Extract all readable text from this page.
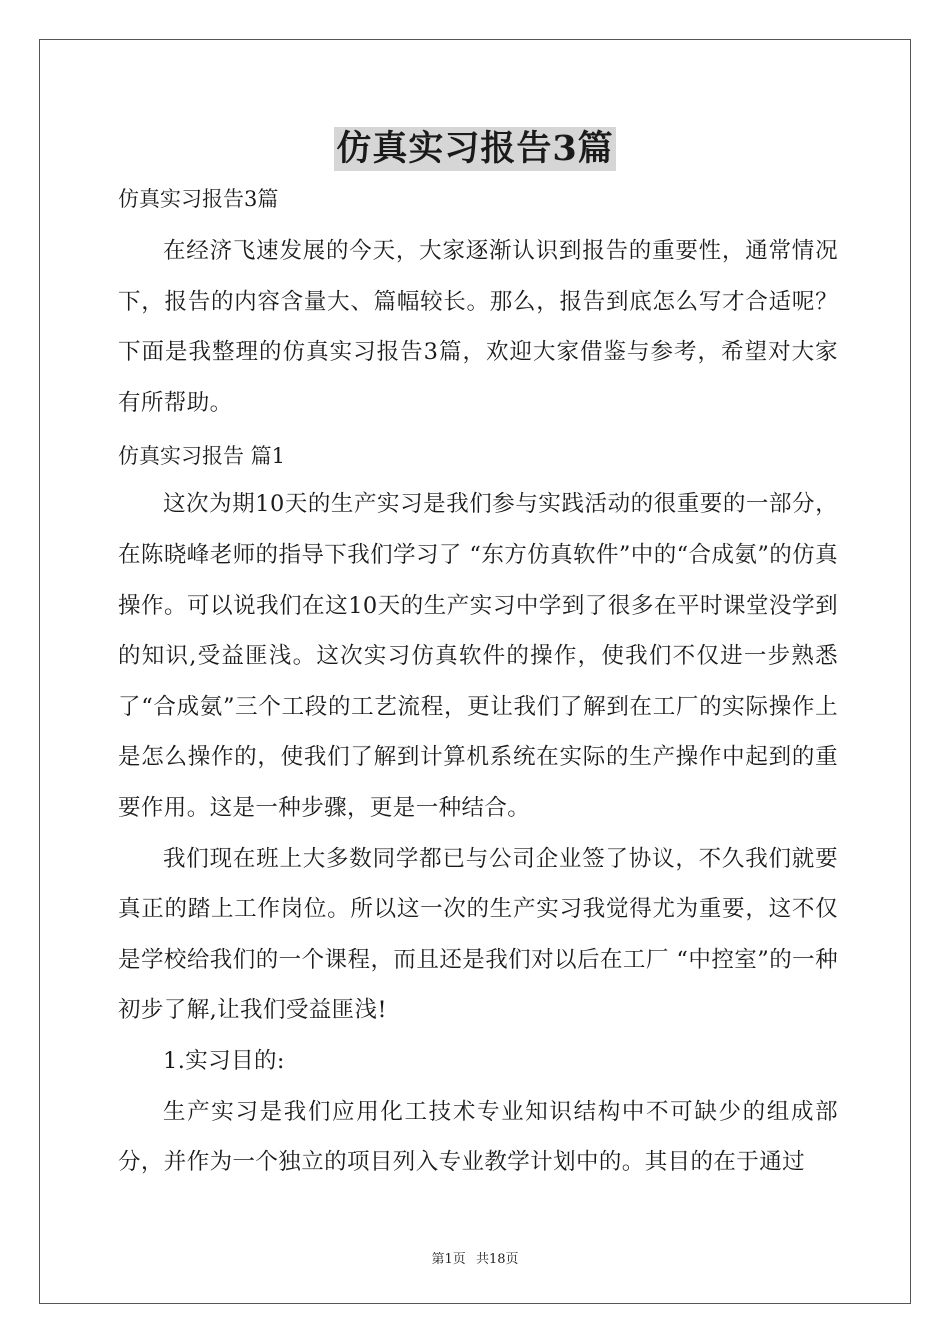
仿真实习报告3篇

仿真实习报告3篇

在经济飞速发展的今天，大家逐渐认识到报告的重要性，通常情况下，报告的内容含量大、篇幅较长。那么，报告到底怎么写才合适呢？下面是我整理的仿真实习报告3篇，欢迎大家借鉴与参考，希望对大家有所帮助。

仿真实习报告 篇1

这次为期10天的生产实习是我们参与实践活动的很重要的一部分，在陈晓峰老师的指导下我们学习了 “东方仿真软件”中的“合成氨”的仿真操作。可以说我们在这10天的生产实习中学到了很多在平时课堂没学到的知识,受益匪浅。这次实习仿真软件的操作，使我们不仅进一步熟悉了“合成氨”三个工段的工艺流程，更让我们了解到在工厂的实际操作上是怎么操作的，使我们了解到计算机系统在实际的生产操作中起到的重要作用。这是一种步骤，更是一种结合。

我们现在班上大多数同学都已与公司企业签了协议，不久我们就要真正的踏上工作岗位。所以这一次的生产实习我觉得尤为重要，这不仅是学校给我们的一个课程，而且还是我们对以后在工厂 “中控室”的一种初步了解,让我们受益匪浅!

1.实习目的:

生产实习是我们应用化工技术专业知识结构中不可缺少的组成部分，并作为一个独立的项目列入专业教学计划中的。其目的在于通过

第1页 共18页
